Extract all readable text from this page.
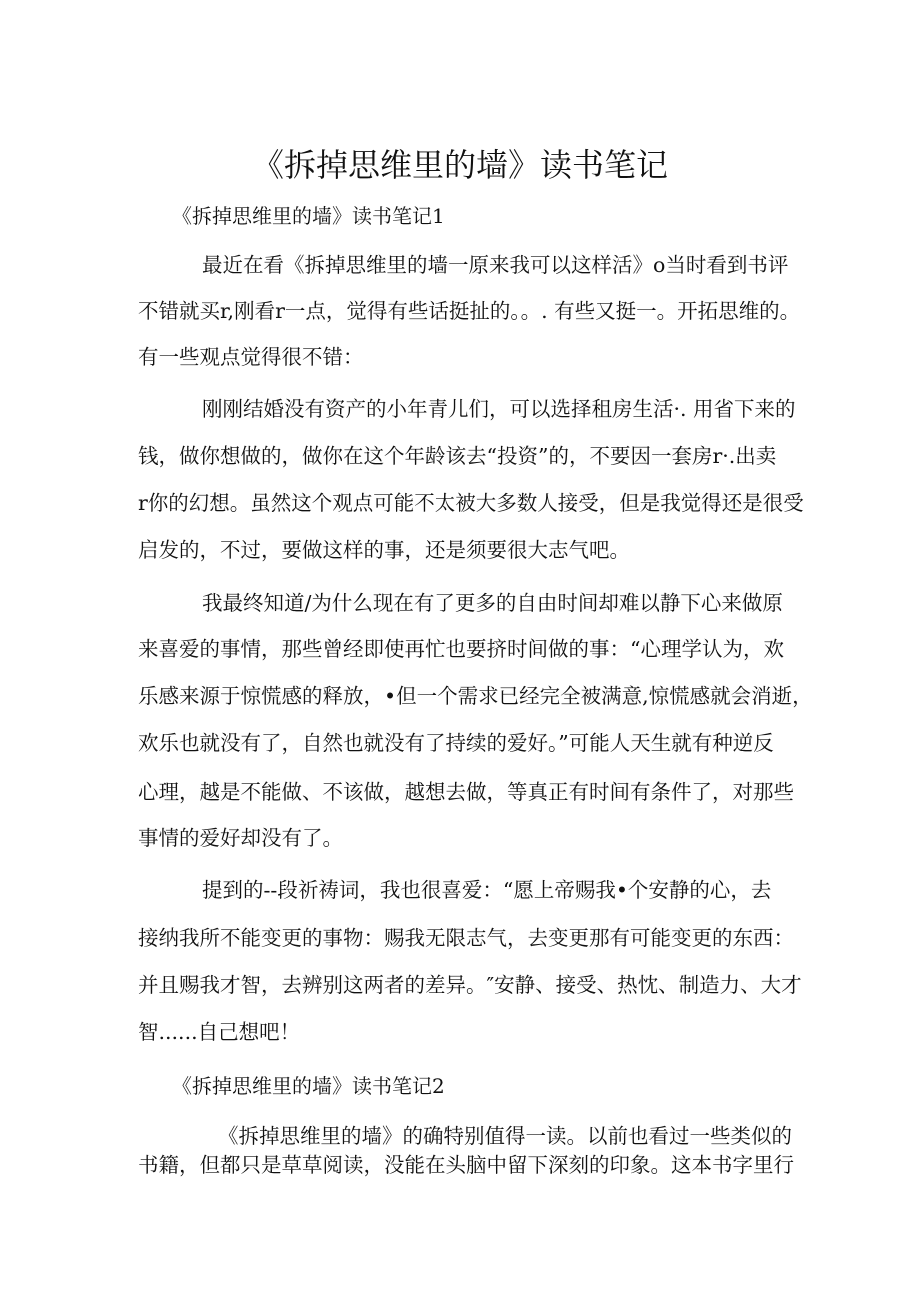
《拆掉思维里的墙》读书笔记
《拆掉思维里的墙》读书笔记1
最近在看《拆掉思维里的墙一原来我可以这样活》o当时看到书评
不错就买r,刚看r一点，觉得有些话挺扯的。。. 有些又挺一。开拓思维的。
有一些观点觉得很不错：
刚刚结婚没有资产的小年青儿们，可以选择租房生活·. 用省下来的
钱，做你想做的，做你在这个年龄该去“投资”的，不要因一套房r·.出卖
r你的幻想。虽然这个观点可能不太被大多数人接受，但是我觉得还是很受
启发的，不过，要做这样的事，还是须要很大志气吧。
我最终知道/为什么现在有了更多的自由时间却难以静下心来做原
来喜爱的事情，那些曾经即使再忙也要挤时间做的事：“心理学认为，欢
乐感来源于惊慌感的释放，•但一个需求已经完全被满意,惊慌感就会消逝，
欢乐也就没有了，自然也就没有了持续的爱好。”可能人天生就有种逆反
心理，越是不能做、不该做，越想去做，等真正有时间有条件了，对那些
事情的爱好却没有了。
提到的--段祈祷词，我也很喜爱：“愿上帝赐我•个安静的心，去
接纳我所不能变更的事物：赐我无限志气，去变更那有可能变更的东西：
并且赐我才智，去辨别这两者的差异。″安静、接受、热忱、制造力、大才
智......自己想吧！
《拆掉思维里的墙》读书笔记2
《拆掉思维里的墙》的确特别值得一读。以前也看过一些类似的
书籍，但都只是草草阅读，没能在头脑中留下深刻的印象。这本书字里行
